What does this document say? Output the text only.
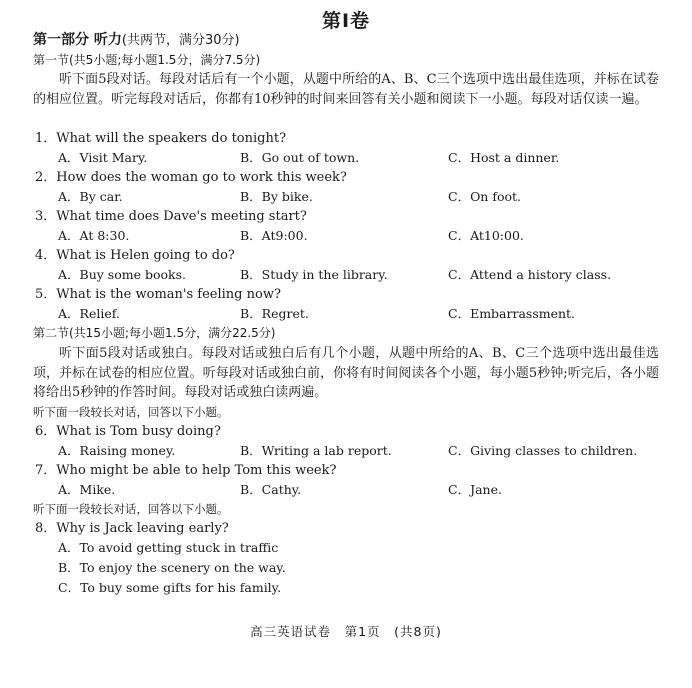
第Ⅰ卷
第一部分 听力(共两节，满分30分)
第一节(共5小题;每小题1.5分，满分7.5分)
听下面5段对话。每段对话后有一个小题，从题中所给的A、B、C三个选项中选出最佳选项，并标在试卷的相应位置。听完每段对话后，你都有10秒钟的时间来回答有关小题和阅读下一小题。每段对话仅读一遍。
1．What will the speakers do tonight?
A．Visit Mary.	B．Go out of town.	C．Host a dinner.
2．How does the woman go to work this week?
A．By car.	B．By bike.	C．On foot.
3．What time does Dave's meeting start?
A．At 8:30.	B．At9:00.	C．At10:00.
4．What is Helen going to do?
A．Buy some books.	B．Study in the library.	C．Attend a history class.
5．What is the woman's feeling now?
A．Relief.	B．Regret.	C．Embarrassment.
第二节(共15小题;每小题1.5分，满分22.5分)
听下面5段对话或独白。每段对话或独白后有几个小题，从题中所给的A、B、C三个选项中选出最佳选项，并标在试卷的相应位置。听每段对话或独白前，你将有时间阅读各个小题，每小题5秒钟;听完后，各小题将给出5秒钟的作答时间。每段对话或独白读两遍。
听下面一段较长对话，回答以下小题。
6．What is Tom busy doing?
A．Raising money.	B．Writing a lab report.	C．Giving classes to children.
7．Who might be able to help Tom this week?
A．Mike.	B．Cathy.	C．Jane.
听下面一段较长对话，回答以下小题。
8．Why is Jack leaving early?
A．To avoid getting stuck in traffic
B．To enjoy the scenery on the way.
C．To buy some gifts for his family.
高三英语试卷　第1页　(共8页)
